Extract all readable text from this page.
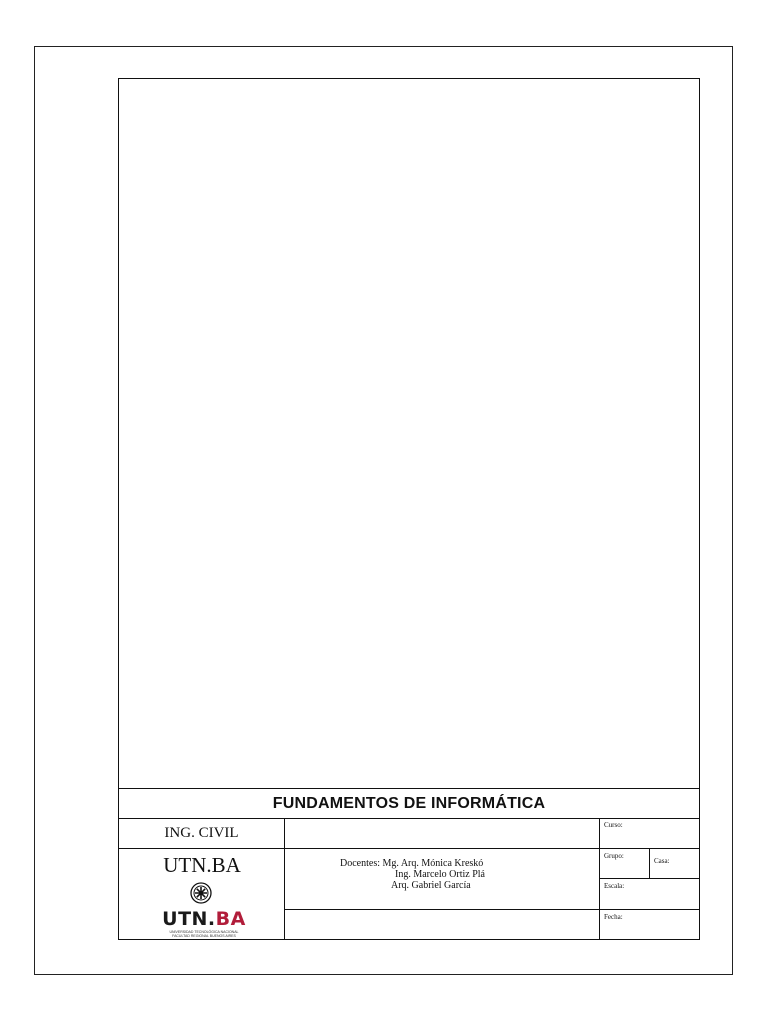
FUNDAMENTOS DE INFORMÁTICA
ING. CIVIL
UTN.BA
UTN.BA
UNIVERSIDAD TECNOLÓGICA NACIONAL
FACULTAD REGIONAL BUENOS AIRES
Docentes: Mg. Arq. Mónica Kreskó
Ing. Marcelo Ortiz Plá
Arq. Gabriel García
Curso:
Grupo:
Casa:
Escala:
Fecha:
